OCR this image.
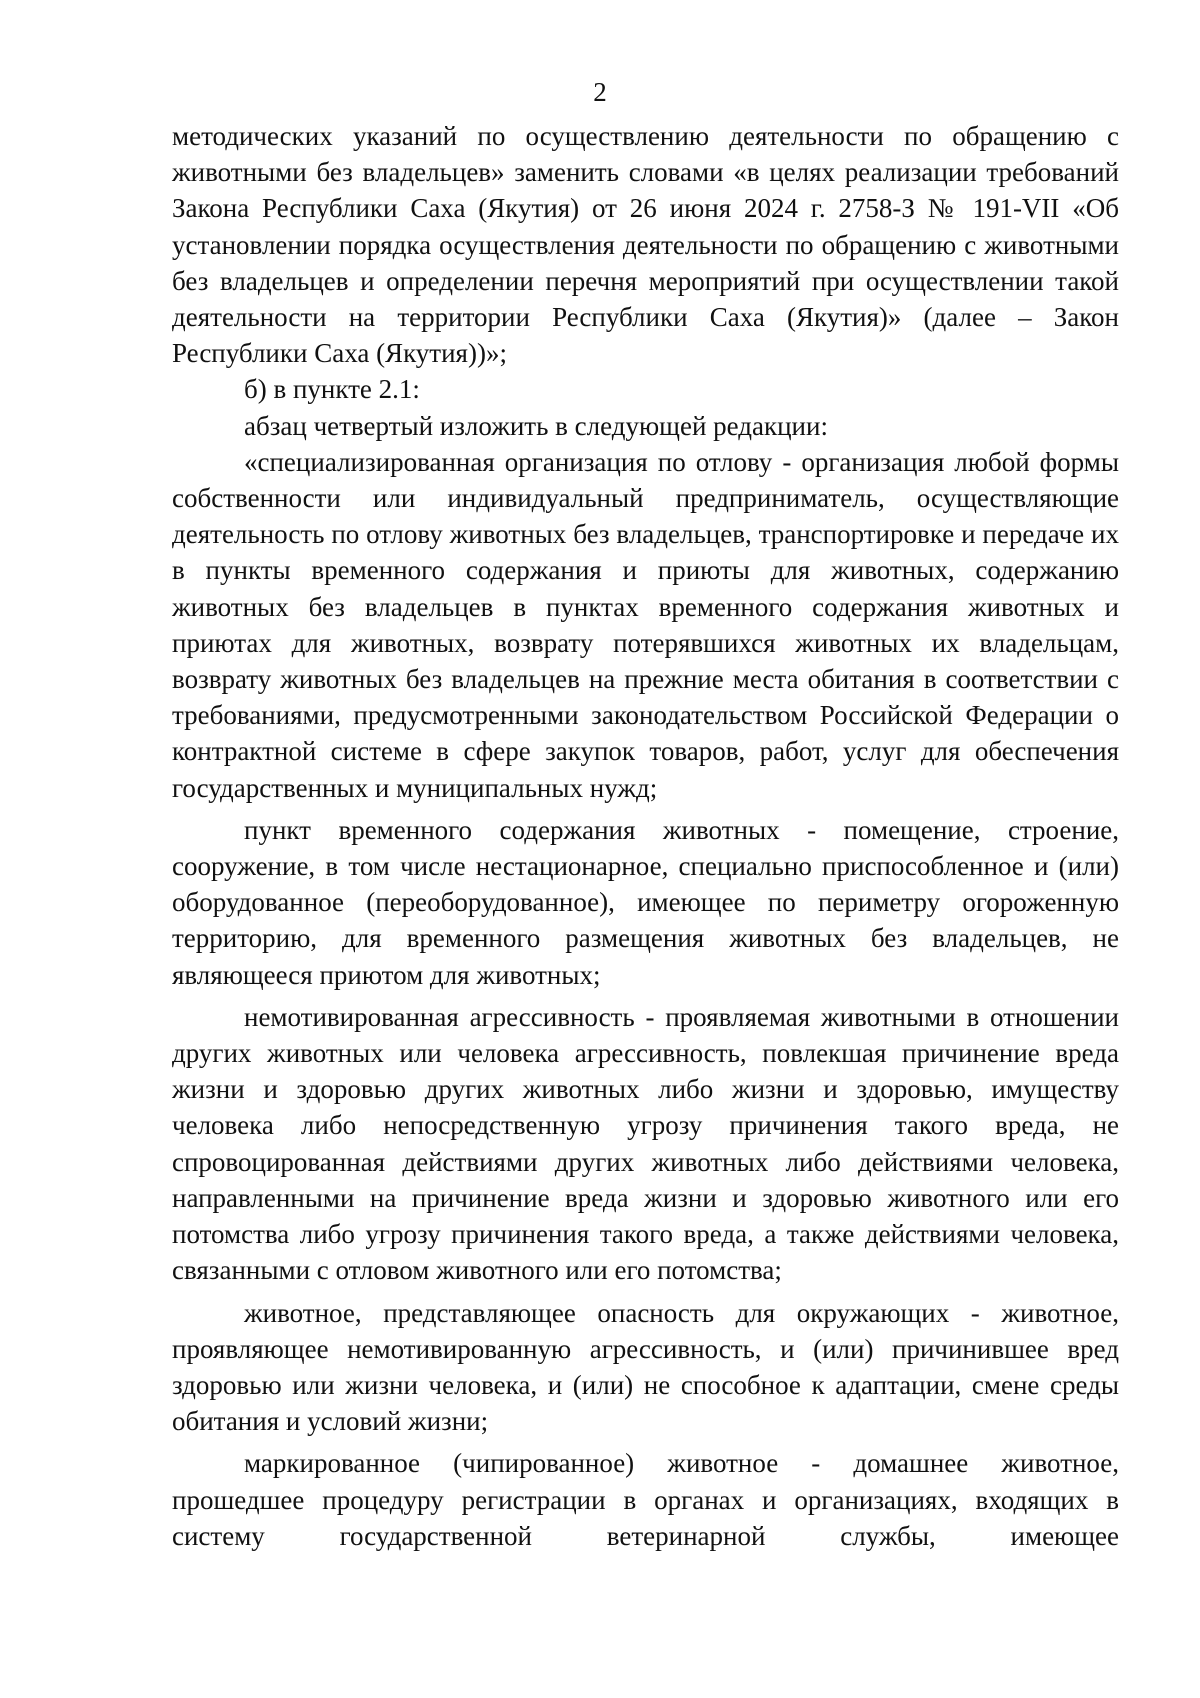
2

методических указаний по осуществлению деятельности по обращению с животными без владельцев» заменить словами «в целях реализации требований Закона Республики Саха (Якутия) от 26 июня 2024 г. 2758-З № 191-VII «Об установлении порядка осуществления деятельности по обращению с животными без владельцев и определении перечня мероприятий при осуществлении такой деятельности на территории Республики Саха (Якутия)» (далее – Закон Республики Саха (Якутия))»;

б) в пункте 2.1:

абзац четвертый изложить в следующей редакции:

«специализированная организация по отлову - организация любой формы собственности или индивидуальный предприниматель, осуществляющие деятельность по отлову животных без владельцев, транспортировке и передаче их в пункты временного содержания и приюты для животных, содержанию животных без владельцев в пунктах временного содержания животных и приютах для животных, возврату потерявшихся животных их владельцам, возврату животных без владельцев на прежние места обитания в соответствии с требованиями, предусмотренными законодательством Российской Федерации о контрактной системе в сфере закупок товаров, работ, услуг для обеспечения государственных и муниципальных нужд;

пункт временного содержания животных - помещение, строение, сооружение, в том числе нестационарное, специально приспособленное и (или) оборудованное (переоборудованное), имеющее по периметру огороженную территорию, для временного размещения животных без владельцев, не являющееся приютом для животных;

немотивированная агрессивность - проявляемая животными в отношении других животных или человека агрессивность, повлекшая причинение вреда жизни и здоровью других животных либо жизни и здоровью, имуществу человека либо непосредственную угрозу причинения такого вреда, не спровоцированная действиями других животных либо действиями человека, направленными на причинение вреда жизни и здоровью животного или его потомства либо угрозу причинения такого вреда, а также действиями человека, связанными с отловом животного или его потомства;

животное, представляющее опасность для окружающих - животное, проявляющее немотивированную агрессивность, и (или) причинившее вред здоровью или жизни человека, и (или) не способное к адаптации, смене среды обитания и условий жизни;

маркированное (чипированное) животное - домашнее животное, прошедшее процедуру регистрации в органах и организациях, входящих в систему государственной ветеринарной службы, имеющее
